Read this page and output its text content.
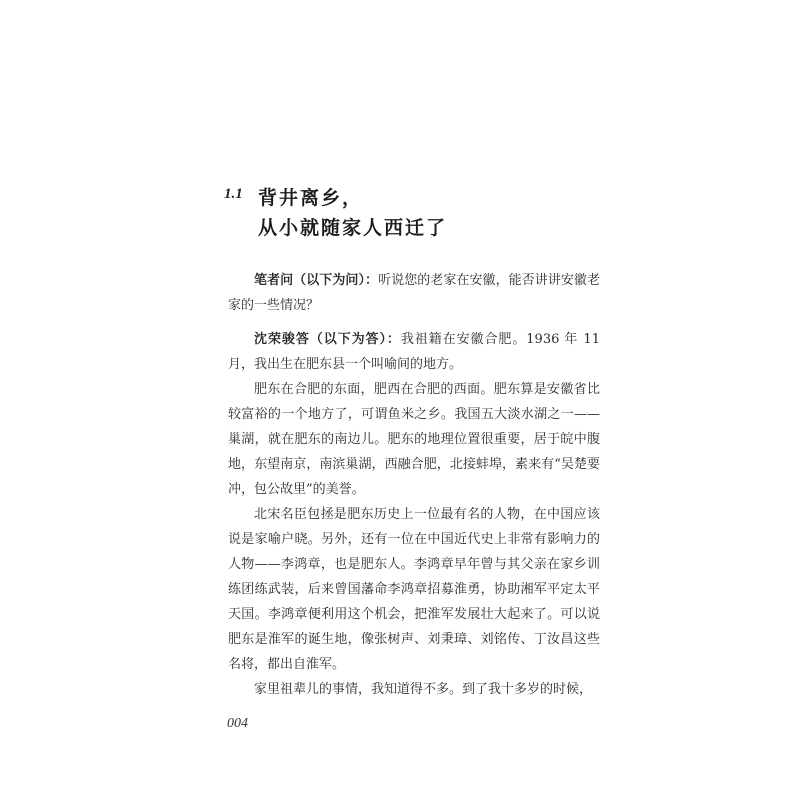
1.1 背井离乡，
从小就随家人西迁了

笔者问（以下为问）：听说您的老家在安徽，能否讲讲安徽老家的一些情况？

沈荣骏答（以下为答）：我祖籍在安徽合肥。1936 年 11 月，我出生在肥东县一个叫喻间的地方。

肥东在合肥的东面，肥西在合肥的西面。肥东算是安徽省比较富裕的一个地方了，可谓鱼米之乡。我国五大淡水湖之一——巢湖，就在肥东的南边儿。肥东的地理位置很重要，居于皖中腹地，东望南京，南滨巢湖，西融合肥，北接蚌埠，素来有“吴楚要冲，包公故里”的美誉。

北宋名臣包拯是肥东历史上一位最有名的人物，在中国应该说是家喻户晓。另外，还有一位在中国近代史上非常有影响力的人物——李鸿章，也是肥东人。李鸿章早年曾与其父亲在家乡训练团练武装，后来曾国藩命李鸿章招募淮勇，协助湘军平定太平天国。李鸿章便利用这个机会，把淮军发展壮大起来了。可以说肥东是淮军的诞生地，像张树声、刘秉璋、刘铭传、丁汝昌这些名将，都出自淮军。

家里祖辈儿的事情，我知道得不多。到了我十多岁的时候，

004
